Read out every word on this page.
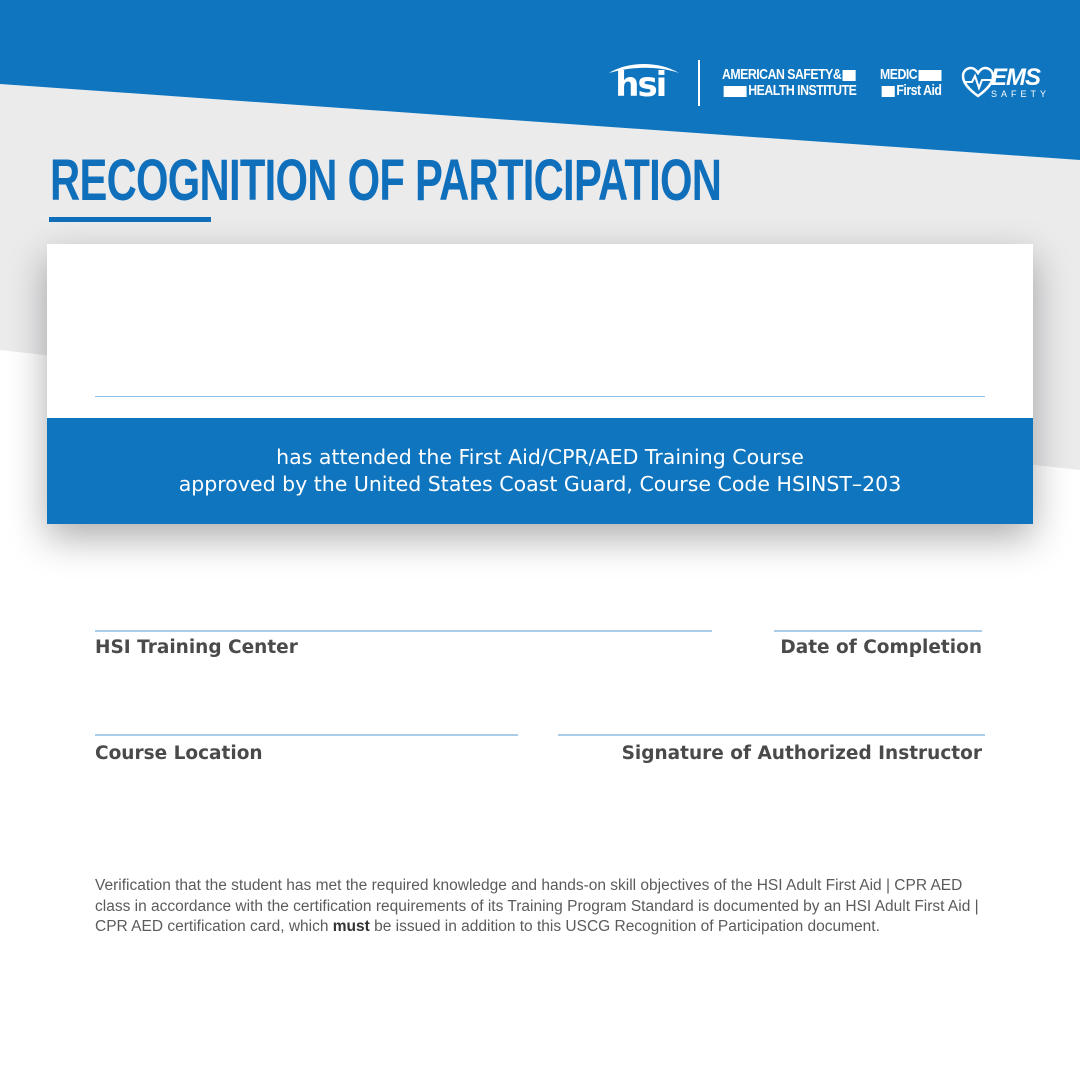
hsi	AMERICAN SAFETY&
HEALTH INSTITUTE
MEDIC
First Aid EMS
SAFETY
RECOGNITION OF PARTICIPATION
has attended the First Aid/CPR/AED Training Course
approved by the United States Coast Guard, Course Code HSINST–203
HSI Training Center	Date of Completion
Course Location	Signature of Authorized Instructor

Verification that the student has met the required knowledge and hands-on skill objectives of the HSI Adult First Aid | CPR AED class in accordance with the certification requirements of its Training Program Standard is documented by an HSI Adult First Aid | CPR AED certification card, which must be issued in addition to this USCG Recognition of Participation document.
